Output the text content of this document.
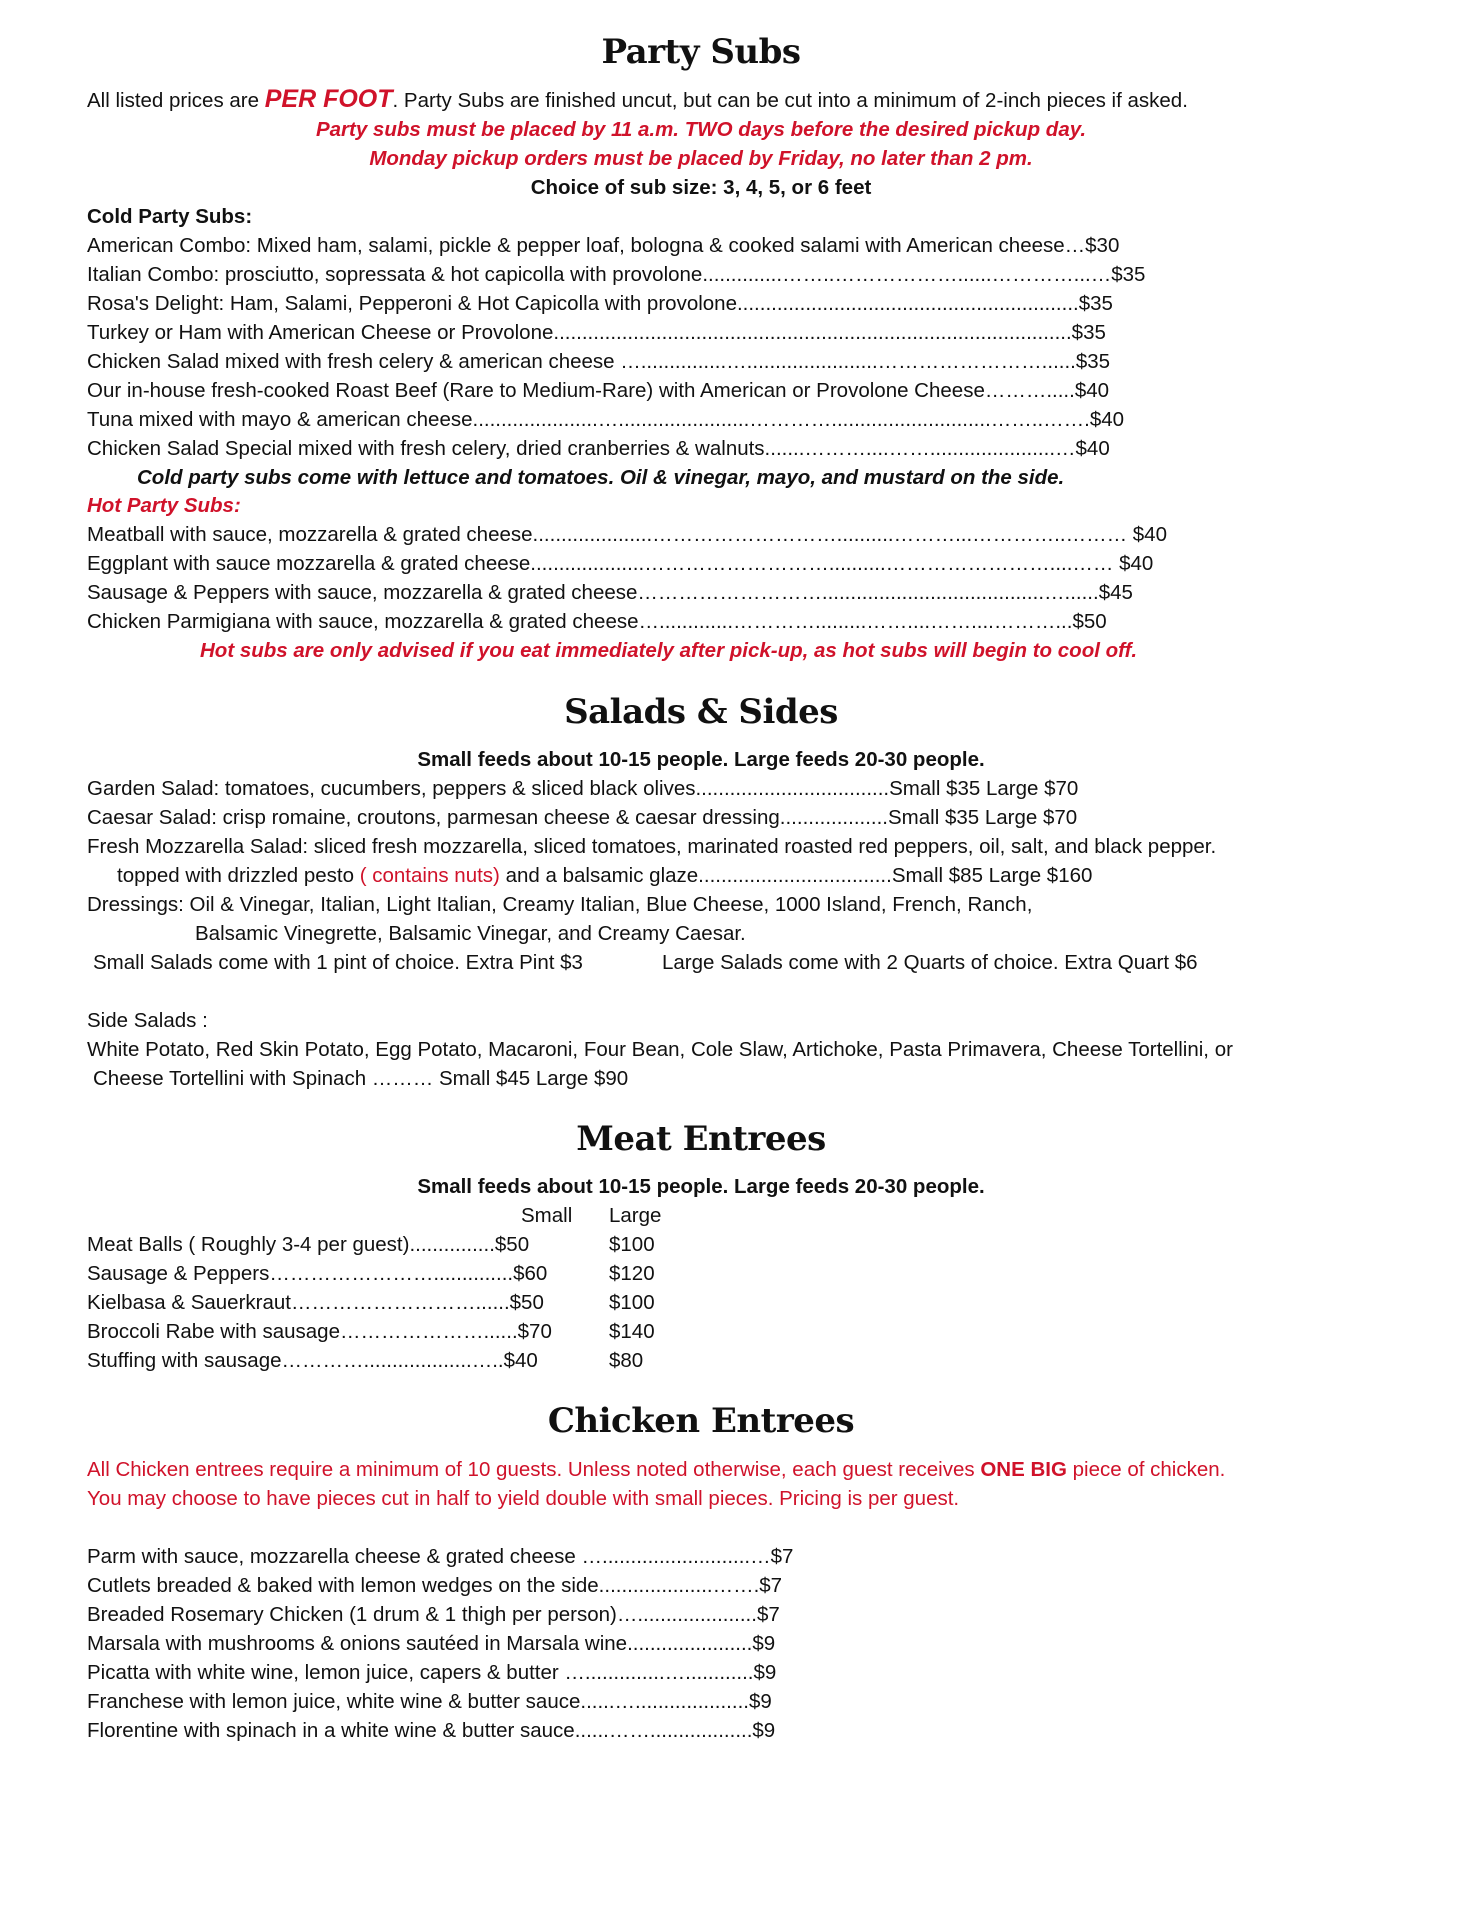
Party Subs

All listed prices are PER FOOT. Party Subs are finished uncut, but can be cut into a minimum of 2-inch pieces if asked.

Party subs must be placed by 11 a.m. TWO days before the desired pickup day.

Monday pickup orders must be placed by Friday, no later than 2 pm.

Choice of sub size: 3, 4, 5, or 6 feet

Cold Party Subs:

American Combo: Mixed ham, salami, pickle & pepper loaf, bologna & cooked salami with American cheese…$30

Italian Combo: prosciutto, sopressata & hot capicolla with provolone..............……..………………......…………...…$35

Rosa's Delight: Ham, Salami, Pepperoni & Hot Capicolla with provolone............................................................$35

Turkey or Ham with American Cheese or Provolone...........................................................................................$35

Chicken Salad mixed with fresh celery & american cheese …...............….......................……………………......$35

Our in-house fresh-cooked Roast Beef (Rare to Medium-Rare) with American or Provolone Cheese……….....$40

Tuna mixed with mayo & american cheese......................….......................…………............................……..…….$40

Chicken Salad Special mixed with fresh celery, dried cranberries & walnuts.......………....……......................…$40

Cold party subs come with lettuce and tomatoes. Oil & vinegar, mayo, and mustard on the side.

Hot Party Subs:

Meatball with sauce, mozzarella & grated cheese.....................………………………..........………...…………..……… $40

Eggplant with sauce mozzarella & grated cheese....................………………………..........……………………....…… $40

Sausage & Peppers with sauce, mozzarella & grated cheese……………………….......................................…......$45

Chicken Parmigiana with sauce, mozzarella & grated cheese….............………….........……....……....………...$50

Hot subs are only advised if you eat immediately after pick-up, as hot subs will begin to cool off.

Salads & Sides

Small feeds about 10-15 people. Large feeds 20-30 people.

Garden Salad: tomatoes, cucumbers, peppers & sliced black olives..................................Small $35 Large $70

Caesar Salad: crisp romaine, croutons, parmesan cheese & caesar dressing...................Small $35 Large $70

Fresh Mozzarella Salad: sliced fresh mozzarella, sliced tomatoes, marinated roasted red peppers, oil, salt, and black pepper.

topped with drizzled pesto ( contains nuts) and a balsamic glaze..................................Small $85 Large $160

Dressings: Oil & Vinegar, Italian, Light Italian, Creamy Italian, Blue Cheese, 1000 Island, French, Ranch,

Balsamic Vinegrette, Balsamic Vinegar, and Creamy Caesar.

Small Salads come with 1 pint of choice. Extra Pint $3	Large Salads come with 2 Quarts of choice. Extra Quart $6

Side Salads :

White Potato, Red Skin Potato, Egg Potato, Macaroni, Four Bean, Cole Slaw, Artichoke, Pasta Primavera, Cheese Tortellini, or

Cheese Tortellini with Spinach ……… Small $45 Large $90

Meat Entrees

Small feeds about 10-15 people. Large feeds 20-30 people.

Small Large

Meat Balls ( Roughly 3-4 per guest)...............$50	$100

Sausage & Peppers……………………..............$60	$120

Kielbasa & Sauerkraut………………………......$50	$100

Broccoli Rabe with sausage…………………......$70	$140

Stuffing with sausage…………...................…..$40	$80

Chicken Entrees

All Chicken entrees require a minimum of 10 guests. Unless noted otherwise, each guest receives ONE BIG piece of chicken.

You may choose to have pieces cut in half to yield double with small pieces. Pricing is per guest.

Parm with sauce, mozzarella cheese & grated cheese …..........................…$7

Cutlets breaded & baked with lemon wedges on the side....................…….$7

Breaded Rosemary Chicken (1 drum & 1 thigh per person)….....................$7

Marsala with mushrooms & onions sautéed in Marsala wine......................$9

Picatta with white wine, lemon juice, capers & butter …..............…............$9

Franchese with lemon juice, white wine & butter sauce......…....................$9

Florentine with spinach in a white wine & butter sauce......……..................$9
